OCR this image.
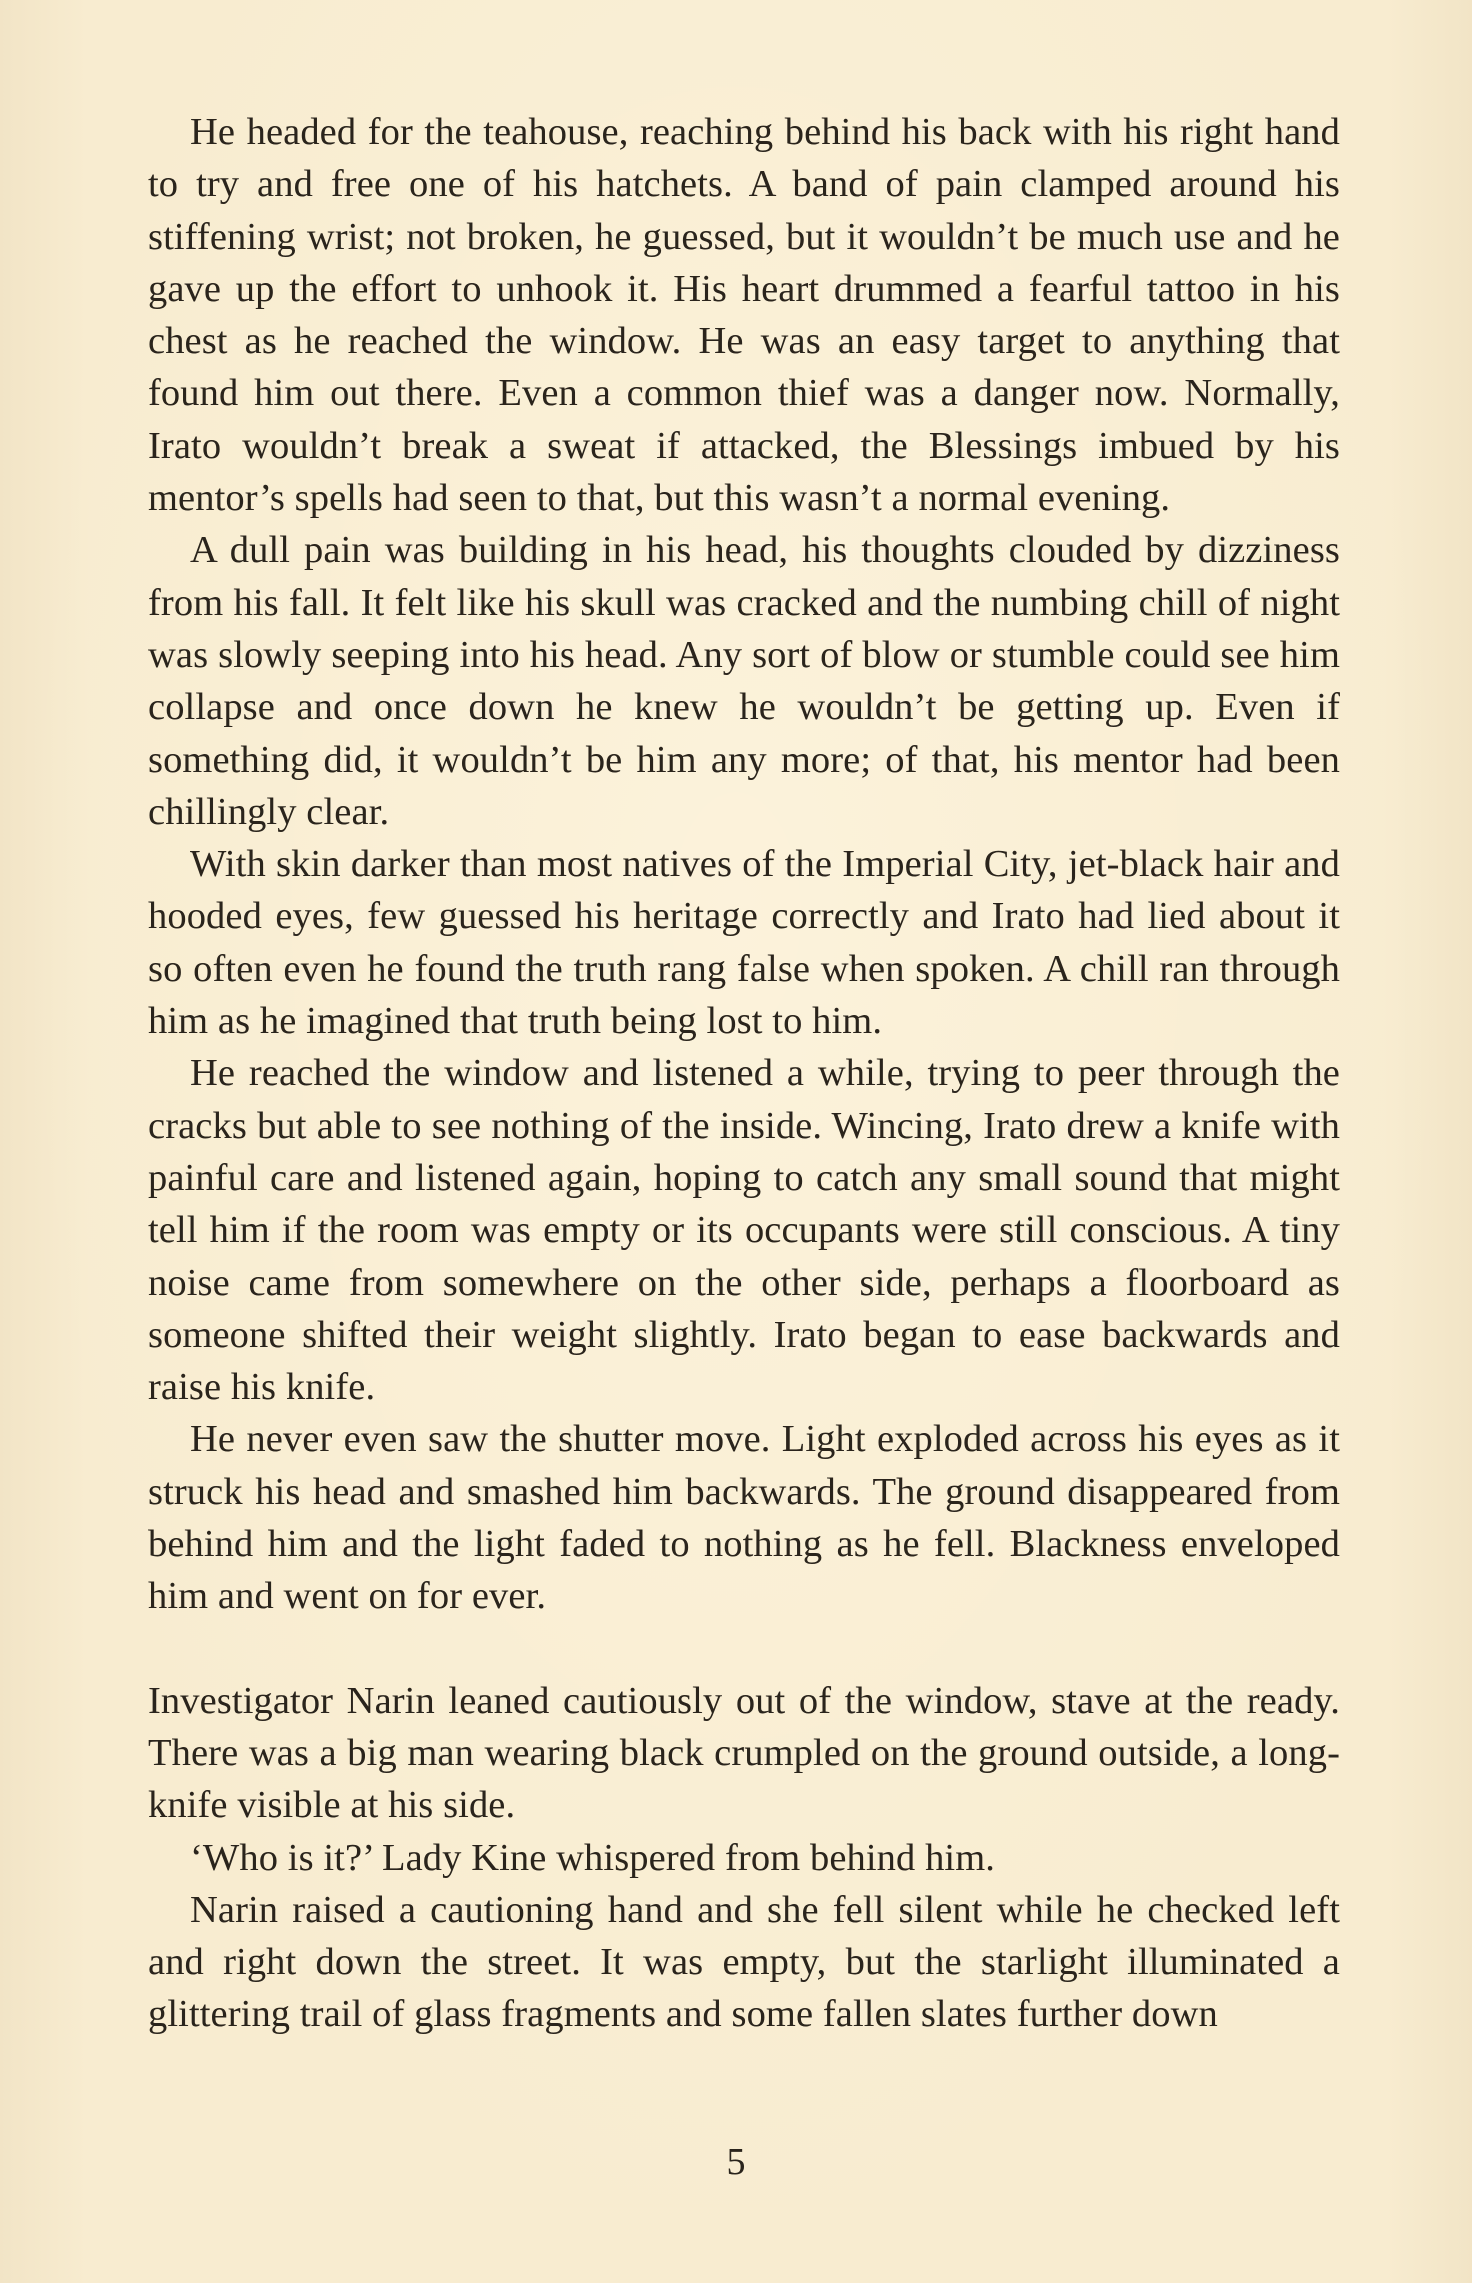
He headed for the teahouse, reaching behind his back with his right hand to try and free one of his hatchets. A band of pain clamped around his stiffening wrist; not broken, he guessed, but it wouldn’t be much use and he gave up the effort to unhook it. His heart drummed a fearful tattoo in his chest as he reached the window. He was an easy target to anything that found him out there. Even a common thief was a danger now. Normally, Irato wouldn’t break a sweat if attacked, the Blessings imbued by his mentor’s spells had seen to that, but this wasn’t a normal evening.

A dull pain was building in his head, his thoughts clouded by dizziness from his fall. It felt like his skull was cracked and the numbing chill of night was slowly seeping into his head. Any sort of blow or stumble could see him collapse and once down he knew he wouldn’t be getting up. Even if something did, it wouldn’t be him any more; of that, his mentor had been chillingly clear.

With skin darker than most natives of the Imperial City, jet-black hair and hooded eyes, few guessed his heritage correctly and Irato had lied about it so often even he found the truth rang false when spoken. A chill ran through him as he imagined that truth being lost to him.

He reached the window and listened a while, trying to peer through the cracks but able to see nothing of the inside. Wincing, Irato drew a knife with painful care and listened again, hoping to catch any small sound that might tell him if the room was empty or its occupants were still conscious. A tiny noise came from somewhere on the other side, perhaps a floorboard as someone shifted their weight slightly. Irato began to ease backwards and raise his knife.

He never even saw the shutter move. Light exploded across his eyes as it struck his head and smashed him backwards. The ground disappeared from behind him and the light faded to nothing as he fell. Blackness enveloped him and went on for ever.

Investigator Narin leaned cautiously out of the window, stave at the ready. There was a big man wearing black crumpled on the ground outside, a long-knife visible at his side.

‘Who is it?’ Lady Kine whispered from behind him.

Narin raised a cautioning hand and she fell silent while he checked left and right down the street. It was empty, but the starlight illuminated a glittering trail of glass fragments and some fallen slates further down

5
